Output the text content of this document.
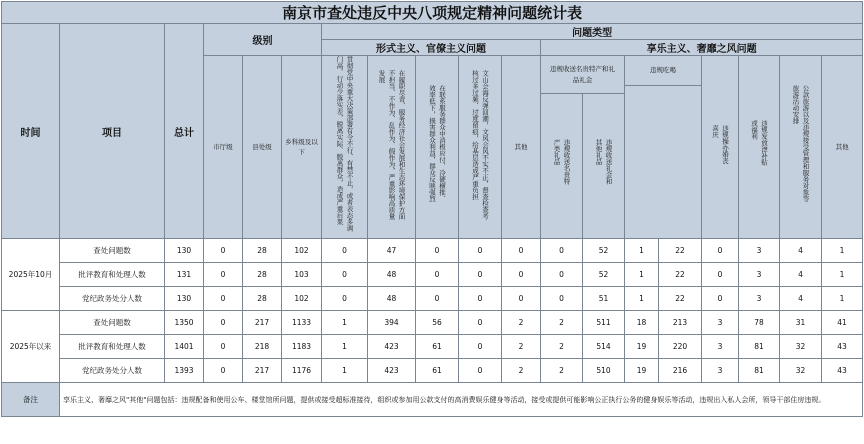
南京市查处违反中央八项规定精神问题统计表																	
时间	项目	总计	级别			问题类型											
						形式主义、官僚主义问题					享乐主义、奢靡之风问题						
			市厅级	县处级	乡科级及以下	贯彻党中央重大决策部署有令不行、有禁不止，或者表态多调门高、行动少落实差，脱离实际、脱离群众，造成严重后果	在履职尽责、服务经济社会发展和生态环境保护方面不担当、不作为、乱作为、假作为，严重影响高质量发展	在联系服务群众中消极应付、冷硬横推、效率低下，损害群众利益，群众反映强烈	文山会海反弹回潮，文风会风不实不正，督查检查考核过多过频、过度留痕，给基层造成严重负担	其他	违规收送名贵特产和礼品礼金		违规吃喝	违规操办婚丧喜庆	违规发放津补贴或福利	公款旅游以及违规接受管理和服务对象等旅游活动安排	其他

											违规收送名贵特产类礼品	违规收送礼金和其他礼品					
2025年10月	查处问题数	130	0	28	102	0	47	0	0	0	0	52	1	22	0	3	4	1
	批评教育和处理人数	131	0	28	103	0	48	0	0	0	0	52	1	22	0	3	4	1
	党纪政务处分人数	130	0	28	102	0	48	0	0	0	0	51	1	22	0	3	4	1
2025年以来	查处问题数	1350	0	217	1133	1	394	56	0	2	2	511	18	213	3	78	31	41
	批评教育和处理人数	1401	0	218	1183	1	423	61	0	2	2	514	19	220	3	81	32	43
	党纪政务处分人数	1393	0	217	1176	1	423	61	0	2	2	510	19	216	3	81	32	43
备注	享乐主义、奢靡之风"其他"问题包括：违规配备和使用公车、楼堂馆所问题，提供或接受超标准接待，组织或参加用公款支付的高消费娱乐健身等活动，接受或提供可能影响公正执行公务的健身娱乐等活动，违规出入私人会所，领导干部住房违规。																	
